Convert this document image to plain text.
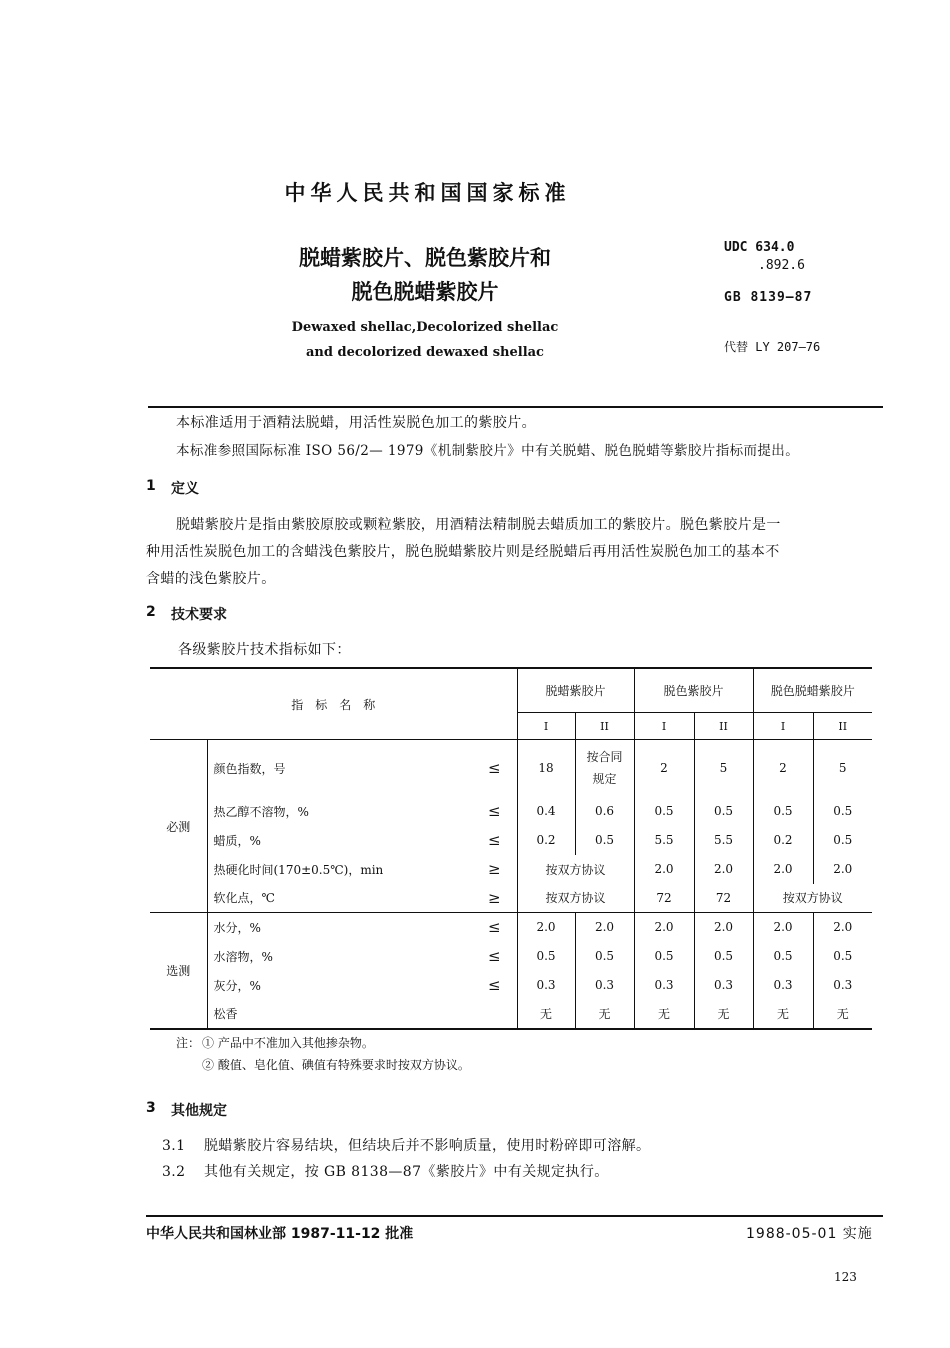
中华人民共和国国家标准
脱蜡紫胶片、脱色紫胶片和
脱色脱蜡紫胶片
Dewaxed shellac,Decolorized shellac
and decolorized dewaxed shellac
UDC 634.0
.892.6
GB 8139—87
代替 LY 207—76
本标准适用于酒精法脱蜡，用活性炭脱色加工的紫胶片。
本标准参照国际标准 ISO 56/2— 1979《机制紫胶片》中有关脱蜡、脱色脱蜡等紫胶片指标而提出。
1 定义
脱蜡紫胶片是指由紫胶原胶或颗粒紫胶，用酒精法精制脱去蜡质加工的紫胶片。脱色紫胶片是一
种用活性炭脱色加工的含蜡浅色紫胶片，脱色脱蜡紫胶片则是经脱蜡后再用活性炭脱色加工的基本不
含蜡的浅色紫胶片。
2 技术要求
各级紫胶片技术指标如下：
指　标　名　称			脱蜡紫胶片		脱色紫胶片		脱色脱蜡紫胶片	
			I	II	I	II	I	II
必测	颜色指数，号	≤	18	按合同规定	2	5	2	5
	热乙醇不溶物，%	≤	0.4	0.6	0.5	0.5	0.5	0.5
	蜡质，%	≤	0.2	0.5	5.5	5.5	0.2	0.5
	热硬化时间(170±0.5℃)，min	≥	按双方协议		2.0	2.0	2.0	2.0
	软化点，℃	≥	按双方协议		72	72	按双方协议	
选测	水分，%	≤	2.0	2.0	2.0	2.0	2.0	2.0
	水溶物，%	≤	0.5	0.5	0.5	0.5	0.5	0.5
	灰分，%	≤	0.3	0.3	0.3	0.3	0.3	0.3
	松香		无	无	无	无	无	无
注： ① 产品中不准加入其他掺杂物。
② 酸值、皂化值、碘值有特殊要求时按双方协议。
3 其他规定
3.1 脱蜡紫胶片容易结块，但结块后并不影响质量，使用时粉碎即可溶解。
3.2 其他有关规定，按 GB 8138—87《紫胶片》中有关规定执行。
中华人民共和国林业部 1987-11-12 批准	1988-05-01 实施
123
